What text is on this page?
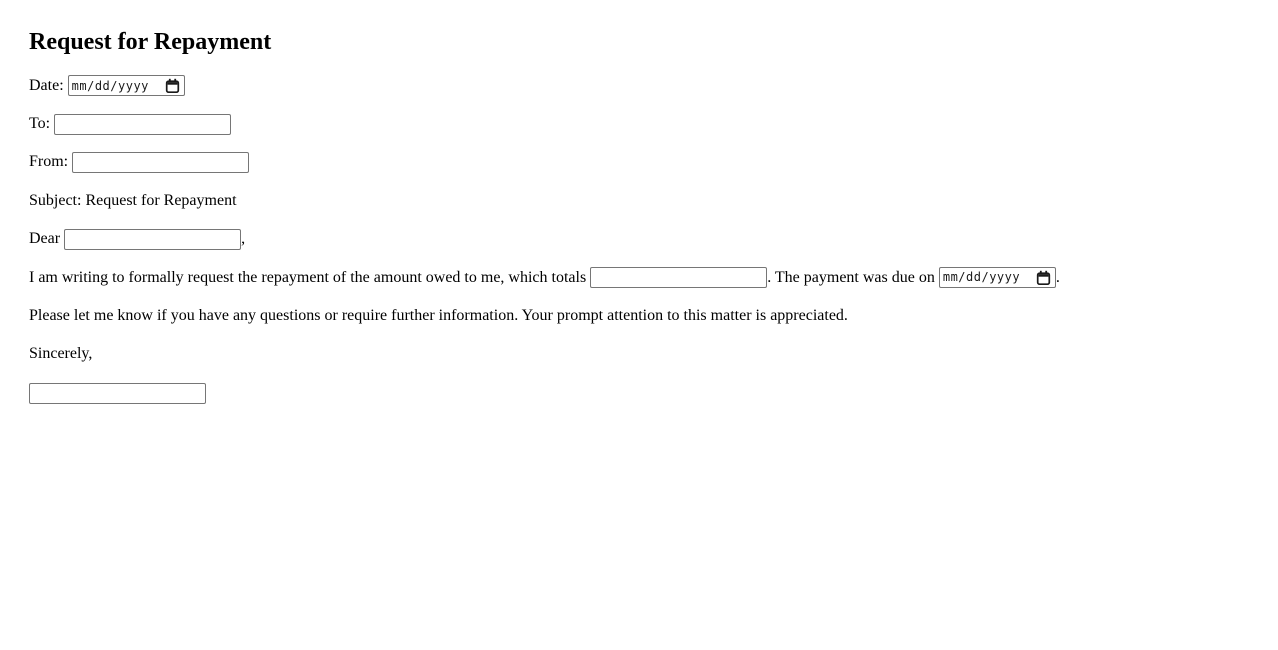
Request for Repayment

Date: mm/dd/yyyy

To:

From:

Subject: Request for Repayment

Dear	,

I am writing to formally request the repayment of the amount owed to me, which totals	. The payment was due on mm/dd/yyyy .

Please let me know if you have any questions or require further information. Your prompt attention to this matter is appreciated.

Sincerely,
